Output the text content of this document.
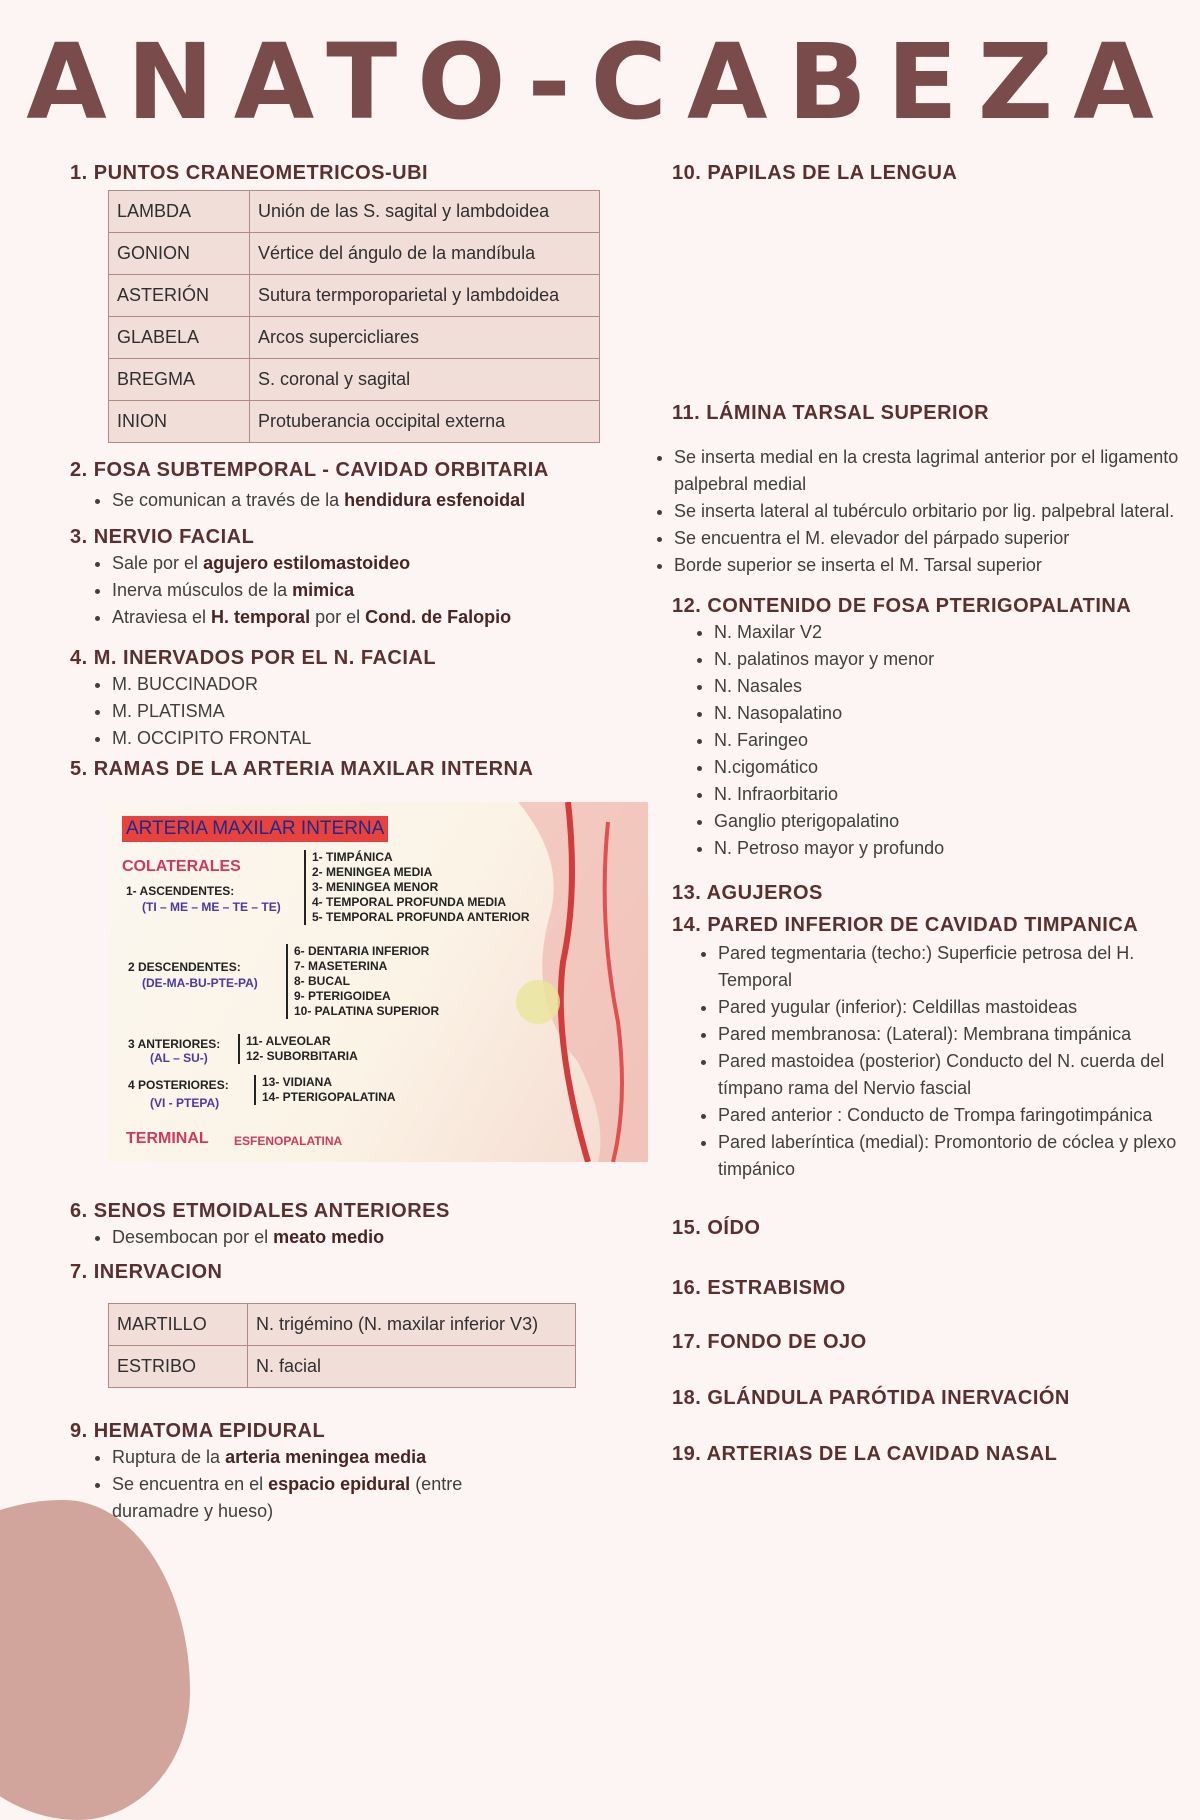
ANATO-CABEZA
1. PUNTOS CRANEOMETRICOS-UBI
LAMBDA	Unión de las S. sagital y lambdoidea
GONION	Vértice del ángulo de la mandíbula
ASTERIÓN	Sutura termporoparietal y lambdoidea
GLABELA	Arcos supercicliares
BREGMA	S. coronal y sagital
INION	Protuberancia occipital externa
2. FOSA SUBTEMPORAL - CAVIDAD ORBITARIA
• Se comunican a través de la hendidura esfenoidal
3. NERVIO FACIAL
• Sale por el agujero estilomastoideo
• Inerva músculos de la mimica
• Atraviesa el H. temporal por el Cond. de Falopio
4. M. INERVADOS POR EL N. FACIAL
• M. BUCCINADOR
• M. PLATISMA
• M. OCCIPITO FRONTAL
5. RAMAS DE LA ARTERIA MAXILAR INTERNA
ARTERIA MAXILAR INTERNA
COLATERALES
1- ASCENDENTES:
(TI – ME – ME – TE – TE)
1- TIMPÁNICA
2- MENINGEA MEDIA
3- MENINGEA MENOR
4- TEMPORAL PROFUNDA MEDIA
5- TEMPORAL PROFUNDA ANTERIOR
2 DESCENDENTES:
(DE-MA-BU-PTE-PA)
6- DENTARIA INFERIOR
7- MASETERINA
8- BUCAL
9- PTERIGOIDEA
10- PALATINA SUPERIOR
3 ANTERIORES:
(AL – SU-)
11- ALVEOLAR
12- SUBORBITARIA
4 POSTERIORES:
(VI - PTEPA)
13- VIDIANA
14- PTERIGOPALATINA
TERMINAL ESFENOPALATINA
6. SENOS ETMOIDALES ANTERIORES
• Desembocan por el meato medio
7. INERVACION
MARTILLO	N. trigémino (N. maxilar inferior V3)
ESTRIBO	N. facial
9. HEMATOMA EPIDURAL
• Ruptura de la arteria meningea media
• Se encuentra en el espacio epidural (entre duramadre y hueso)
10. PAPILAS DE LA LENGUA
11. LÁMINA TARSAL SUPERIOR
• Se inserta medial en la cresta lagrimal anterior por el ligamento palpebral medial
• Se inserta lateral al tubérculo orbitario por lig. palpebral lateral.
• Se encuentra el M. elevador del párpado superior
• Borde superior se inserta el M. Tarsal superior
12. CONTENIDO DE FOSA PTERIGOPALATINA
• N. Maxilar V2
• N. palatinos mayor y menor
• N. Nasales
• N. Nasopalatino
• N. Faringeo
• N.cigomático
• N. Infraorbitario
• Ganglio pterigopalatino
• N. Petroso mayor y profundo
13. AGUJEROS
14. PARED INFERIOR DE CAVIDAD TIMPANICA
• Pared tegmentaria (techo:) Superficie petrosa del H. Temporal
• Pared yugular (inferior): Celdillas mastoideas
• Pared membranosa: (Lateral): Membrana timpánica
• Pared mastoidea (posterior) Conducto del N. cuerda del tímpano rama del Nervio fascial
• Pared anterior : Conducto de Trompa faringotimpánica
• Pared laberíntica (medial): Promontorio de cóclea y plexo timpánico
15. OÍDO
16. ESTRABISMO
17. FONDO DE OJO
18. GLÁNDULA PARÓTIDA INERVACIÓN
19. ARTERIAS DE LA CAVIDAD NASAL
